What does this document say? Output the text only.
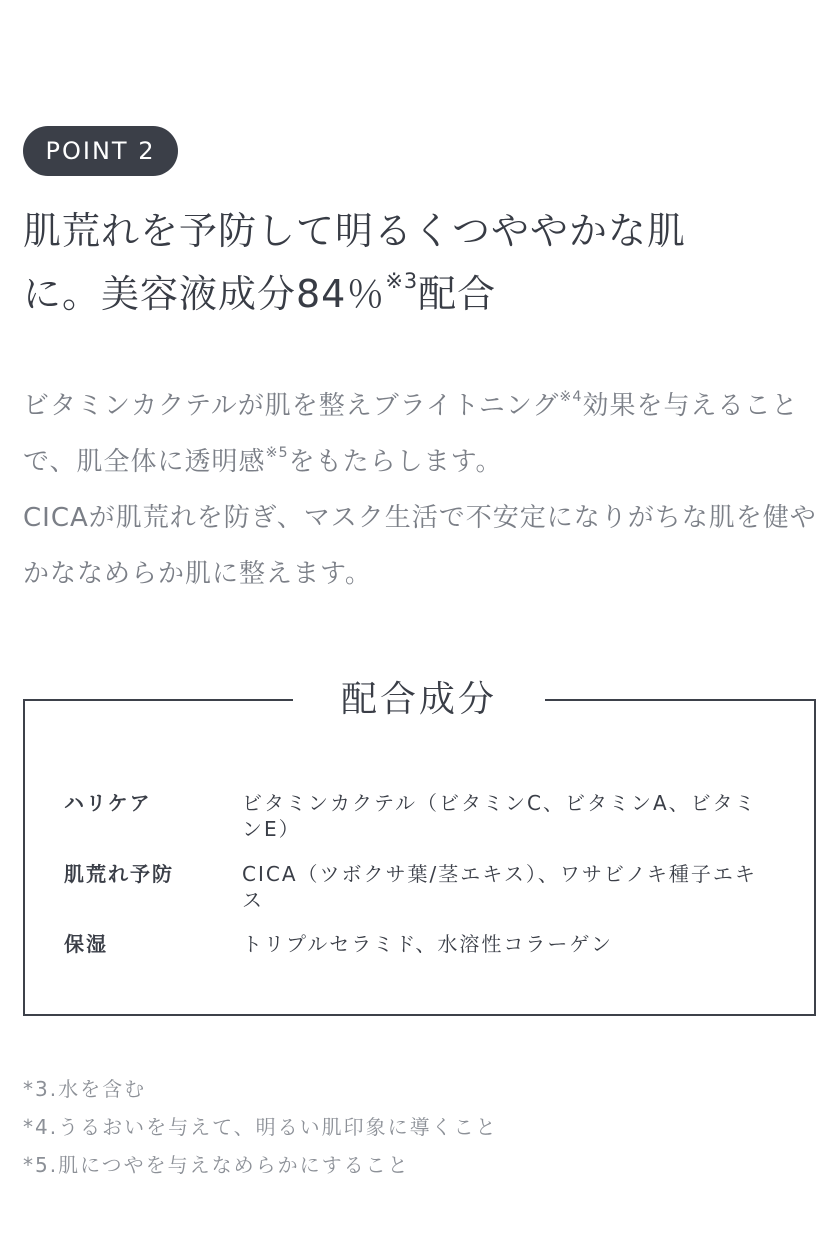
POINT 2
肌荒れを予防して明るくつややかな肌
に。美容液成分84％$^{※3}$配合
ビタミンカクテルが肌を整えブライトニング$^{※4}$効果を与えることで、肌全体に透明感$^{※5}$をもたらします。
CICAが肌荒れを防ぎ、マスク生活で不安定になりがちな肌を健やかななめらか肌に整えます。
配合成分
ハリケア	ビタミンカクテル（ビタミンC、ビタミンA、ビタミンE）
肌荒れ予防	CICA（ツボクサ葉/茎エキス）、ワサビノキ種子エキス
保湿	トリプルセラミド、水溶性コラーゲン
*3.水を含む
*4.うるおいを与えて、明るい肌印象に導くこと
*5.肌につやを与えなめらかにすること
